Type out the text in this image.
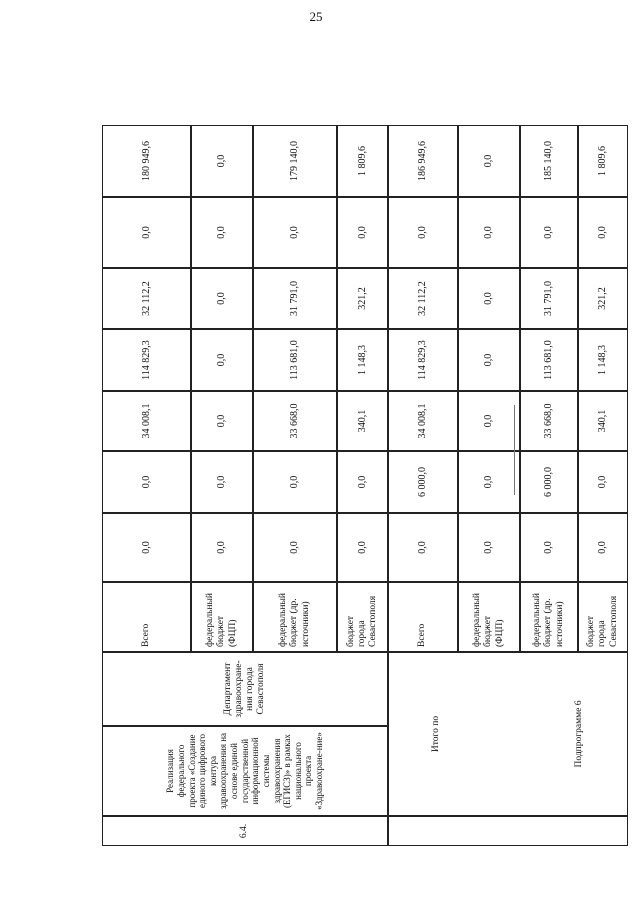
25
6.4.
Реализация федерального проекта «Создание единого цифрового контура здравоохранения на основе единой государственной информационной системы здравоохранения (ЕГИСЗ)» в рамках национального проекта «Здравоохране-ние»
Департамент здравоохране-ния города Севастополя
Итого по	Подпрограмме 6
Всего
0,0
0,0
34 008,1
114 829,3
32 112,2
0,0
180 949,6
федеральный бюджет (ФЦП)
0,0
0,0
0,0
0,0
0,0
0,0
0,0
федеральный бюджет (др. источники)
0,0
0,0
33 668,0
113 681,0
31 791,0
0,0
179 140,0
бюджет города Севастополя
0,0
0,0
340,1
1 148,3
321,2
0,0
1 809,6
Всего
0,0
6 000,0
34 008,1
114 829,3
32 112,2
0,0
186 949,6
федеральный бюджет (ФЦП)
0,0
0,0
0,0
0,0
0,0
0,0
0,0
федеральный бюджет (др. источники)
0,0
6 000,0
33 668,0
113 681,0
31 791,0
0,0
185 140,0
бюджет города Севастополя
0,0
0,0
340,1
1 148,3
321,2
0,0
1 809,6
